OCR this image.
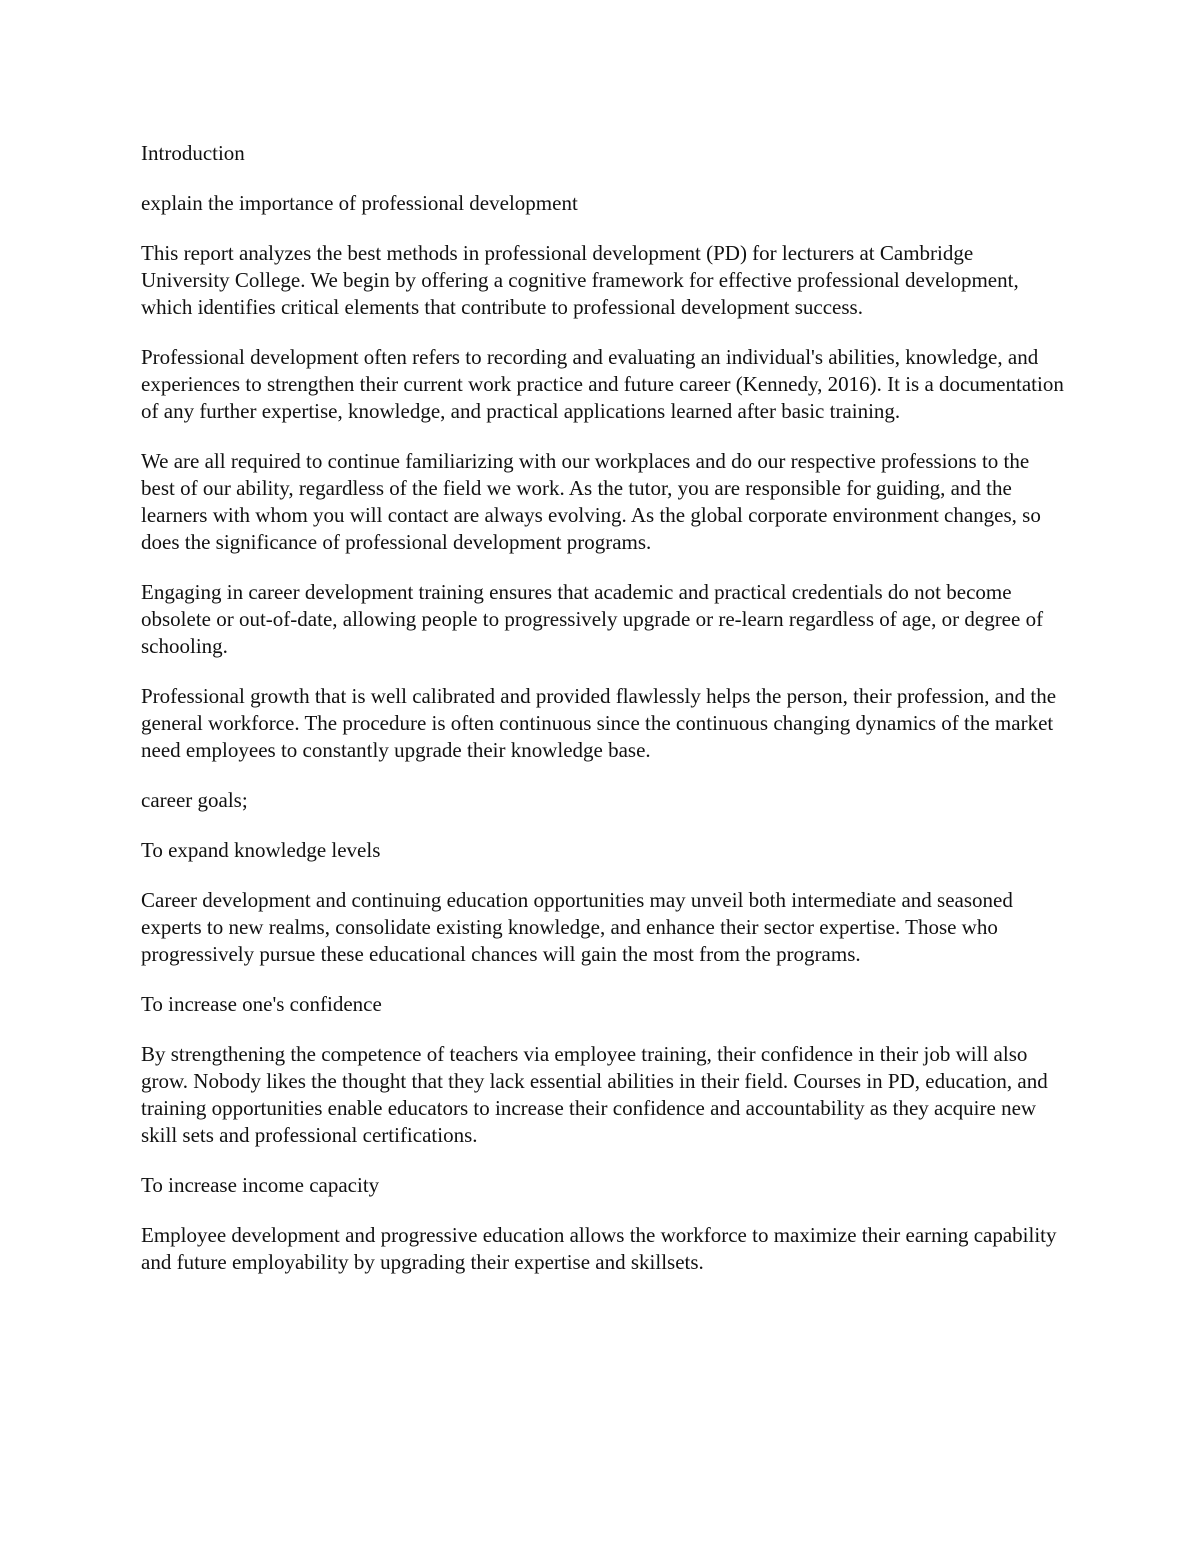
Introduction

explain the importance of professional development

This report analyzes the best methods in professional development (PD) for lecturers at Cambridge University College. We begin by offering a cognitive framework for effective professional development, which identifies critical elements that contribute to professional development success.

Professional development often refers to recording and evaluating an individual's abilities, knowledge, and experiences to strengthen their current work practice and future career (Kennedy, 2016). It is a documentation of any further expertise, knowledge, and practical applications learned after basic training.

We are all required to continue familiarizing with our workplaces and do our respective professions to the best of our ability, regardless of the field we work. As the tutor, you are responsible for guiding, and the learners with whom you will contact are always evolving. As the global corporate environment changes, so does the significance of professional development programs.

Engaging in career development training ensures that academic and practical credentials do not become obsolete or out-of-date, allowing people to progressively upgrade or re-learn regardless of age, or degree of schooling.

Professional growth that is well calibrated and provided flawlessly helps the person, their profession, and the general workforce. The procedure is often continuous since the continuous changing dynamics of the market need employees to constantly upgrade their knowledge base.

career goals;

To expand knowledge levels

Career development and continuing education opportunities may unveil both intermediate and seasoned experts to new realms, consolidate existing knowledge, and enhance their sector expertise. Those who progressively pursue these educational chances will gain the most from the programs.

To increase one's confidence

By strengthening the competence of teachers via employee training, their confidence in their job will also grow. Nobody likes the thought that they lack essential abilities in their field. Courses in PD, education, and training opportunities enable educators to increase their confidence and accountability as they acquire new skill sets and professional certifications.

To increase income capacity

Employee development and progressive education allows the workforce to maximize their earning capability and future employability by upgrading their expertise and skillsets.
